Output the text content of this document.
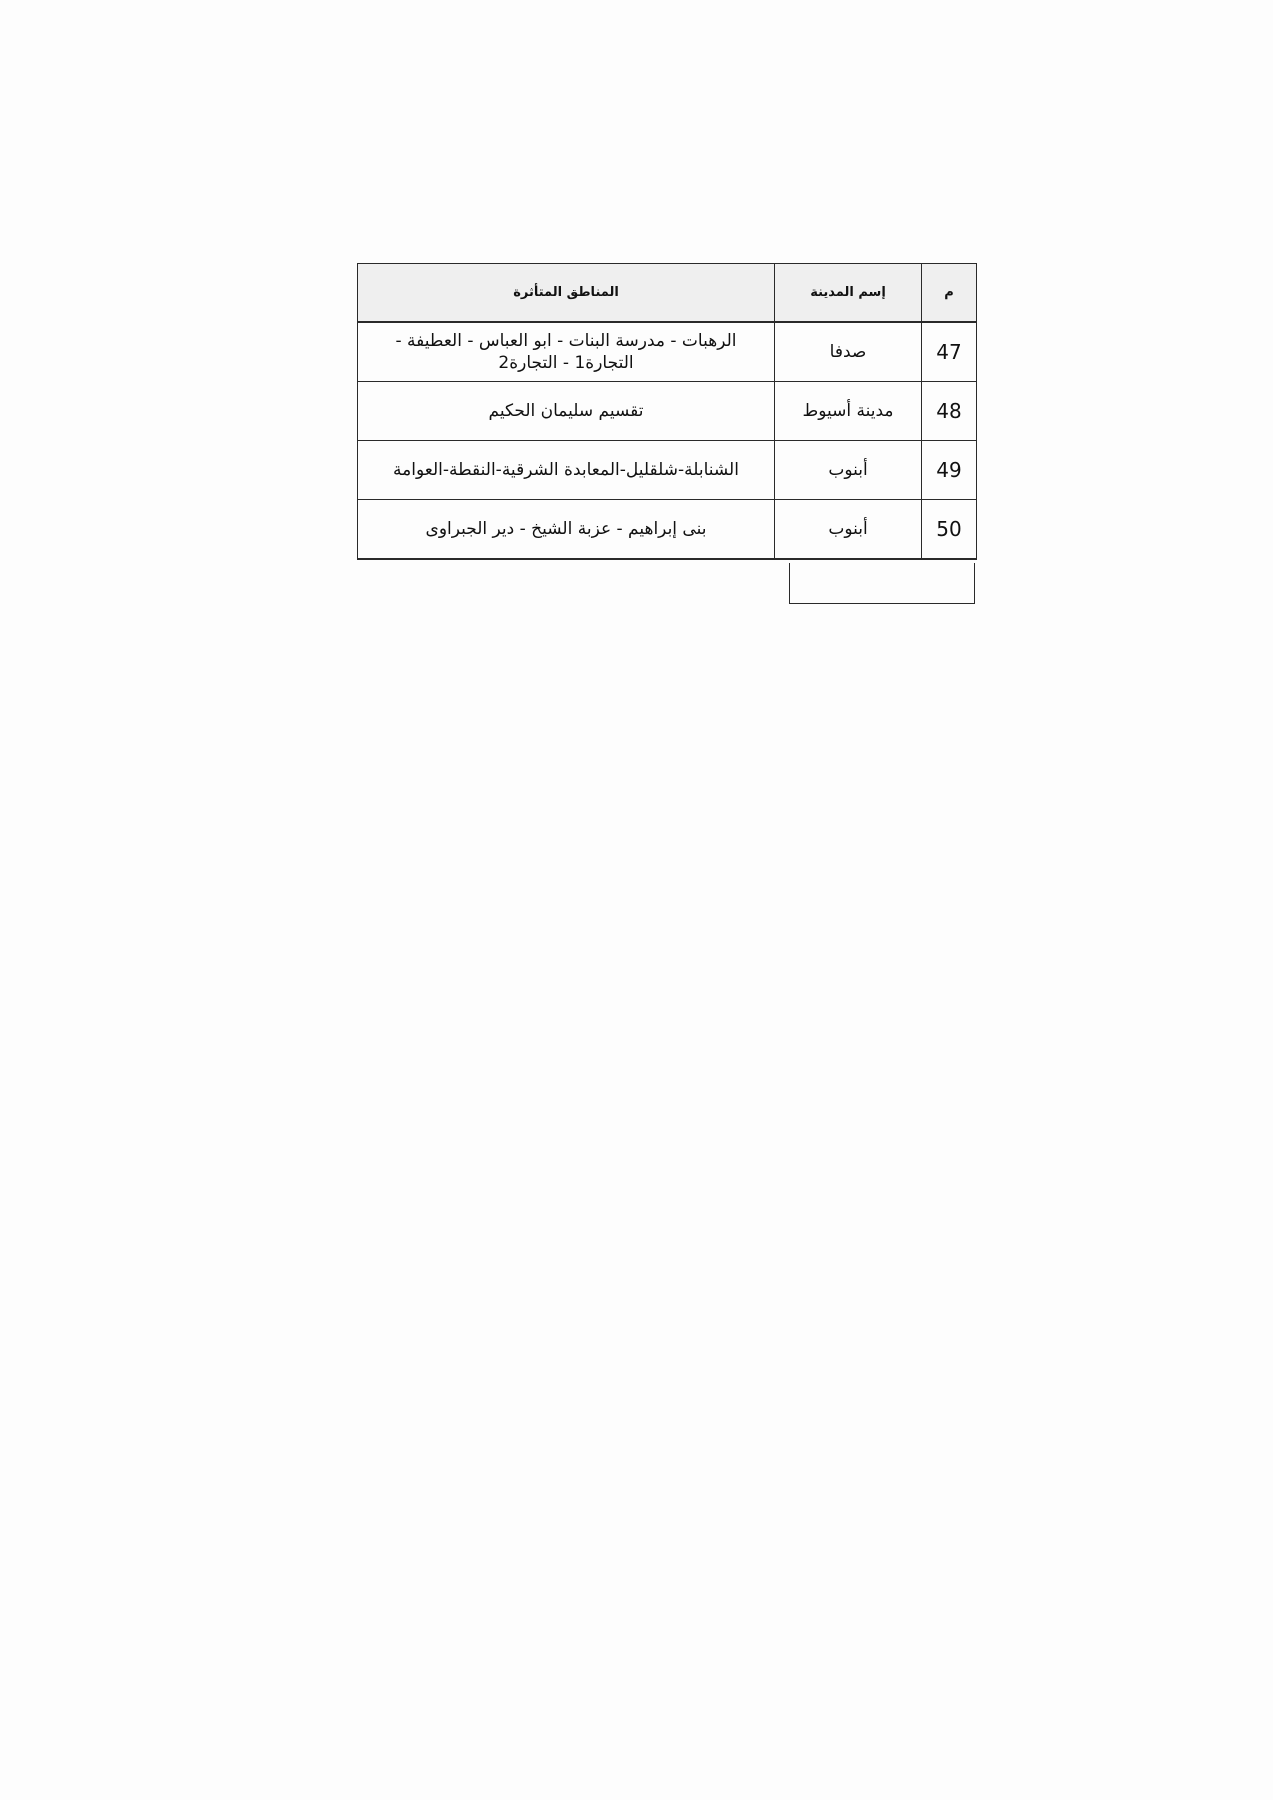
م	إسم المدينة	المناطق المتأثرة
47	صدفا	الرهبات - مدرسة البنات - ابو العباس - العطيفة - التجارة1 - التجارة2
48	مدينة أسيوط	تقسيم سليمان الحكيم
49	أبنوب	الشنابلة-شلقليل-المعابدة الشرقية-النقطة-العوامة
50	أبنوب	بنى إبراهيم - عزبة الشيخ - دير الجبراوى
